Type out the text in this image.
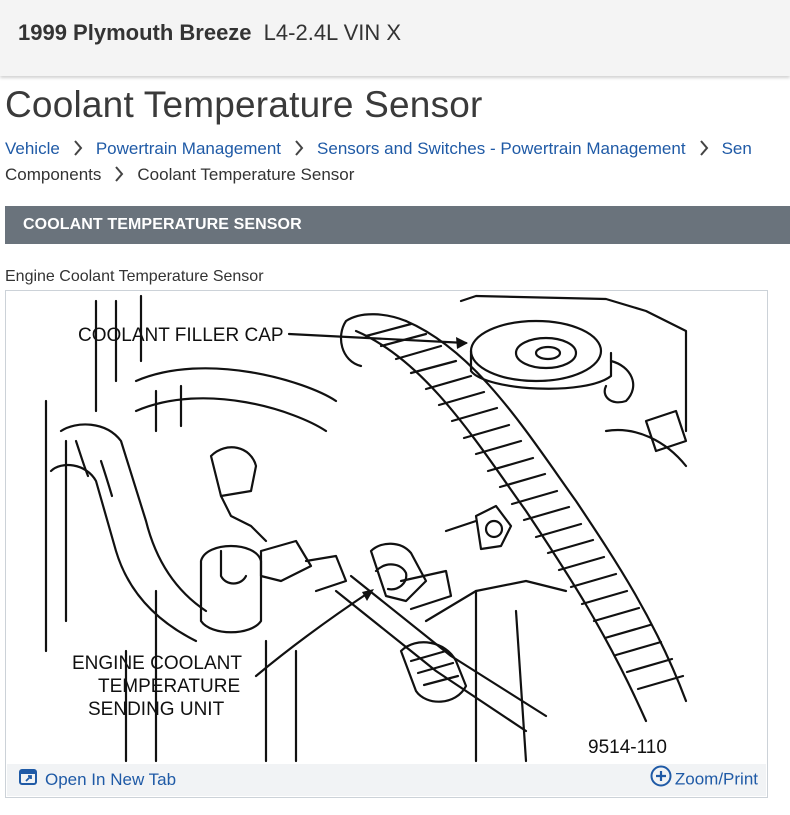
1999 Plymouth Breeze L4-2.4L VIN X
Coolant Temperature Sensor
Vehicle Powertrain Management Sensors and Switches - Powertrain Management Sen
Components Coolant Temperature Sensor
COOLANT TEMPERATURE SENSOR
Engine Coolant Temperature Sensor
COOLANT FILLER CAP
ENGINE COOLANT
TEMPERATURE
SENDING UNIT
9514-110
Open In New Tab	Zoom/Print
